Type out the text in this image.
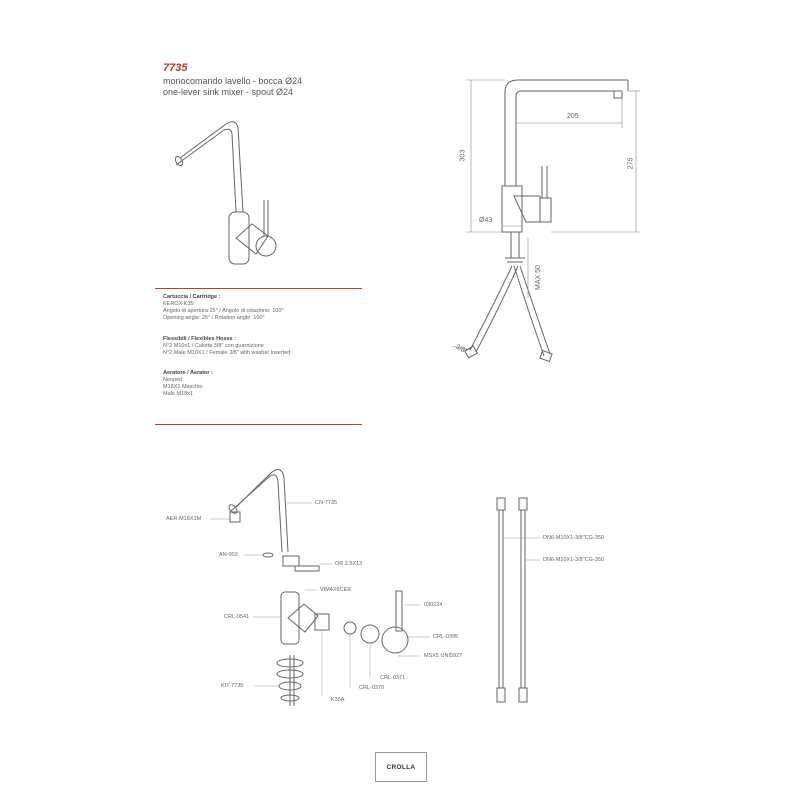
7735
monocomando lavello - bocca Ø24
one-lever sink mixer - spout Ø24
Cartuccia / Cartridge :
KEROX K35
Angolo di apertura:25° / Angolo di rotazione: 100°
Opening angle: 25° / Rotation angle: 100°
Flessibili / Flexibles Hoses :
N°2 M10x1 / Calotta 3/8" con guarnizione
N°2 Male M10X1 / Female 3/8" with washer inserted
Aeratore / Aerator :
Neoperl
M18X1 Maschio
Male M18x1
205
303
275
Ø43
MAX 50
3/8"
AER-M18X1M
CN-7735
AN-003
OR 2,5X13
VIM4X6CER
CRL-0541
030224
CRL-0395
MSX5 UNI5927
CRL-0371
CRL-0370
K35A
KIT-7735
DN6-M10X1-3/8"CG-350
DN6-M10X1-3/8"CG-350
CROLLA
